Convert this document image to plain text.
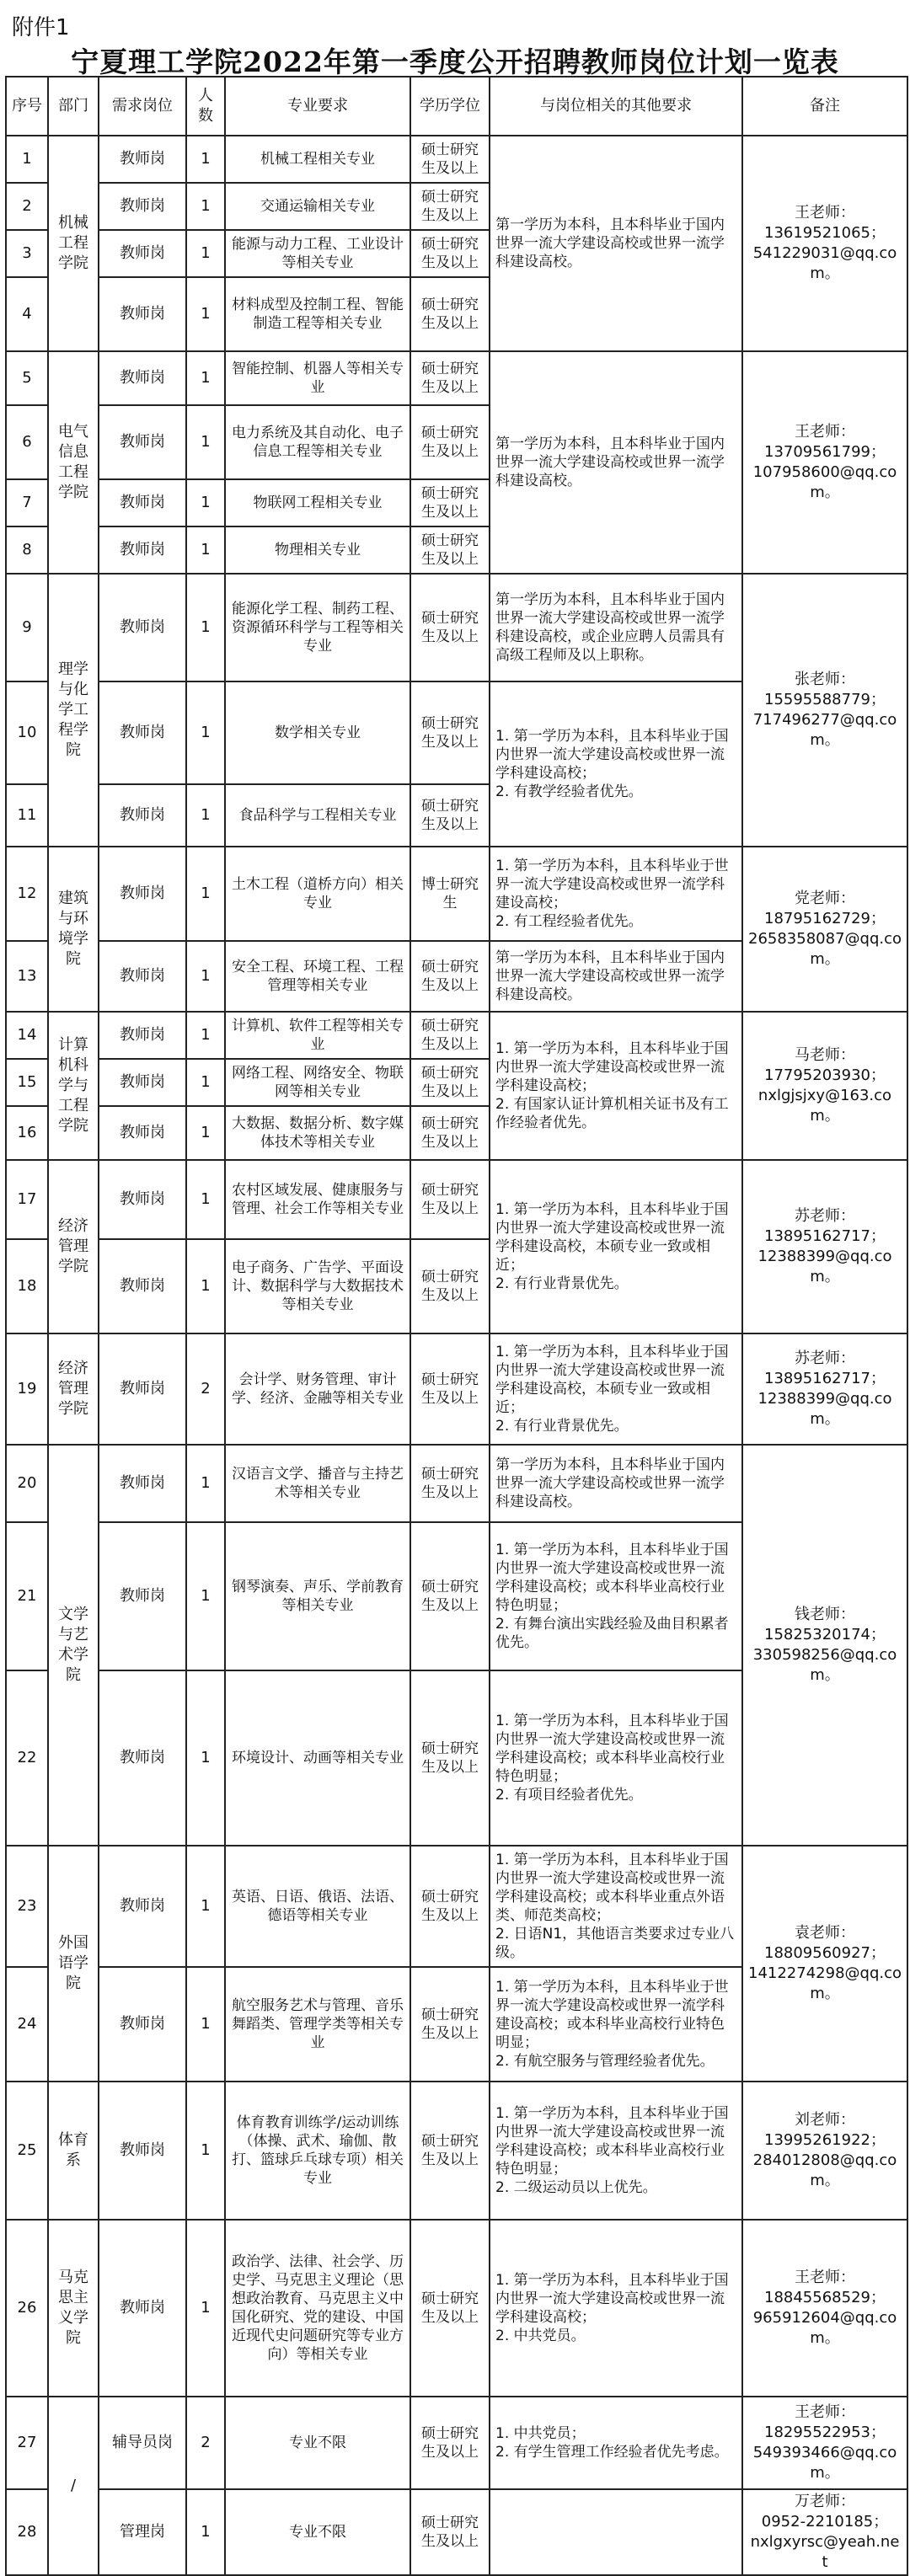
附件1
宁夏理工学院2022年第一季度公开招聘教师岗位计划一览表
序号	部门	需求岗位	人数	专业要求	学历学位	与岗位相关的其他要求	备注
1	机械工程学院	教师岗	1	机械工程相关专业	硕士研究生及以上	第一学历为本科，且本科毕业于国内世界一流大学建设高校或世界一流学科建设高校。	王老师：
13619521065；
541229031@qq.com。
2		教师岗	1	交通运输相关专业	硕士研究生及以上		
3		教师岗	1	能源与动力工程、工业设计等相关专业	硕士研究生及以上		
4		教师岗	1	材料成型及控制工程、智能制造工程等相关专业	硕士研究生及以上		
5	电气信息工程学院	教师岗	1	智能控制、机器人等相关专业	硕士研究生及以上	第一学历为本科，且本科毕业于国内世界一流大学建设高校或世界一流学科建设高校。	王老师：
13709561799；
107958600@qq.com。
6		教师岗	1	电力系统及其自动化、电子信息工程等相关专业	硕士研究生及以上		
7		教师岗	1	物联网工程相关专业	硕士研究生及以上		
8		教师岗	1	物理相关专业	硕士研究生及以上		
9	理学与化学工程学院	教师岗	1	能源化学工程、制药工程、资源循环科学与工程等相关专业	硕士研究生及以上	第一学历为本科，且本科毕业于国内世界一流大学建设高校或世界一流学科建设高校，或企业应聘人员需具有高级工程师及以上职称。	张老师：
15595588779；
717496277@qq.com。
10		教师岗	1	数学相关专业	硕士研究生及以上	1. 第一学历为本科，且本科毕业于国内世界一流大学建设高校或世界一流学科建设高校；
2. 有教学经验者优先。	
11		教师岗	1	食品科学与工程相关专业	硕士研究生及以上		
12	建筑与环境学院	教师岗	1	土木工程（道桥方向）相关专业	博士研究生	1. 第一学历为本科，且本科毕业于世界一流大学建设高校或世界一流学科建设高校；
2. 有工程经验者优先。	党老师：
18795162729；
2658358087@qq.com。
13		教师岗	1	安全工程、环境工程、工程管理等相关专业	硕士研究生及以上	第一学历为本科，且本科毕业于国内世界一流大学建设高校或世界一流学科建设高校。	
14	计算机科学与工程学院	教师岗	1	计算机、软件工程等相关专业	硕士研究生及以上	1. 第一学历为本科，且本科毕业于国内世界一流大学建设高校或世界一流学科建设高校；
2. 有国家认证计算机相关证书及有工作经验者优先。	马老师：
17795203930；
nxlgjsjxy@163.com。
15		教师岗	1	网络工程、网络安全、物联网等相关专业	硕士研究生及以上		
16		教师岗	1	大数据、数据分析、数字媒体技术等相关专业	硕士研究生及以上		
17	经济管理学院	教师岗	1	农村区域发展、健康服务与管理、社会工作等相关专业	硕士研究生及以上	1. 第一学历为本科，且本科毕业于国内世界一流大学建设高校或世界一流学科建设高校，本硕专业一致或相近；
2. 有行业背景优先。	苏老师：
13895162717；
12388399@qq.com。
18		教师岗	1	电子商务、广告学、平面设计、数据科学与大数据技术等相关专业	硕士研究生及以上		
19	经济管理学院	教师岗	2	会计学、财务管理、审计学、经济、金融等相关专业	硕士研究生及以上	1. 第一学历为本科，且本科毕业于国内世界一流大学建设高校或世界一流学科建设高校，本硕专业一致或相近；
2. 有行业背景优先。	苏老师：
13895162717；
12388399@qq.com。
20	文学与艺术学院	教师岗	1	汉语言文学、播音与主持艺术等相关专业	硕士研究生及以上	第一学历为本科，且本科毕业于国内世界一流大学建设高校或世界一流学科建设高校。	钱老师：
15825320174；
330598256@qq.com。
21		教师岗	1	钢琴演奏、声乐、学前教育等相关专业	硕士研究生及以上	1. 第一学历为本科，且本科毕业于国内世界一流大学建设高校或世界一流学科建设高校；或本科毕业高校行业特色明显；
2. 有舞台演出实践经验及曲目积累者优先。	
22		教师岗	1	环境设计、动画等相关专业	硕士研究生及以上	1. 第一学历为本科，且本科毕业于国内世界一流大学建设高校或世界一流学科建设高校；或本科毕业高校行业特色明显；
2. 有项目经验者优先。	
23	外国语学院	教师岗	1	英语、日语、俄语、法语、德语等相关专业	硕士研究生及以上	1. 第一学历为本科，且本科毕业于国内世界一流大学建设高校或世界一流学科建设高校；或本科毕业重点外语类、师范类高校；
2. 日语N1，其他语言类要求过专业八级。	袁老师：
18809560927；
1412274298@qq.com。
24		教师岗	1	航空服务艺术与管理、音乐舞蹈类、管理学类等相关专业	硕士研究生及以上	1. 第一学历为本科，且本科毕业于世界一流大学建设高校或世界一流学科建设高校；或本科毕业高校行业特色明显；
2. 有航空服务与管理经验者优先。	
25	体育系	教师岗	1	体育教育训练学/运动训练（体操、武术、瑜伽、散打、篮球乒乓球专项）相关专业	硕士研究生及以上	1. 第一学历为本科，且本科毕业于国内世界一流大学建设高校或世界一流学科建设高校；或本科毕业高校行业特色明显；
2. 二级运动员以上优先。	刘老师：
13995261922；
284012808@qq.com。
26	马克思主义学院	教师岗	1	政治学、法律、社会学、历史学、马克思主义理论（思想政治教育、马克思主义中国化研究、党的建设、中国近现代史问题研究等专业方向）等相关专业	硕士研究生及以上	1. 第一学历为本科，且本科毕业于国内世界一流大学建设高校或世界一流学科建设高校；
2. 中共党员。	王老师：
18845568529；
965912604@qq.com。
27	/	辅导员岗	2	专业不限	硕士研究生及以上	1. 中共党员；
2. 有学生管理工作经验者优先考虑。	王老师：
18295522953；
549393466@qq.com。
28		管理岗	1	专业不限	硕士研究生及以上		万老师：
0952-2210185；
nxlgxyrsc@yeah.net
